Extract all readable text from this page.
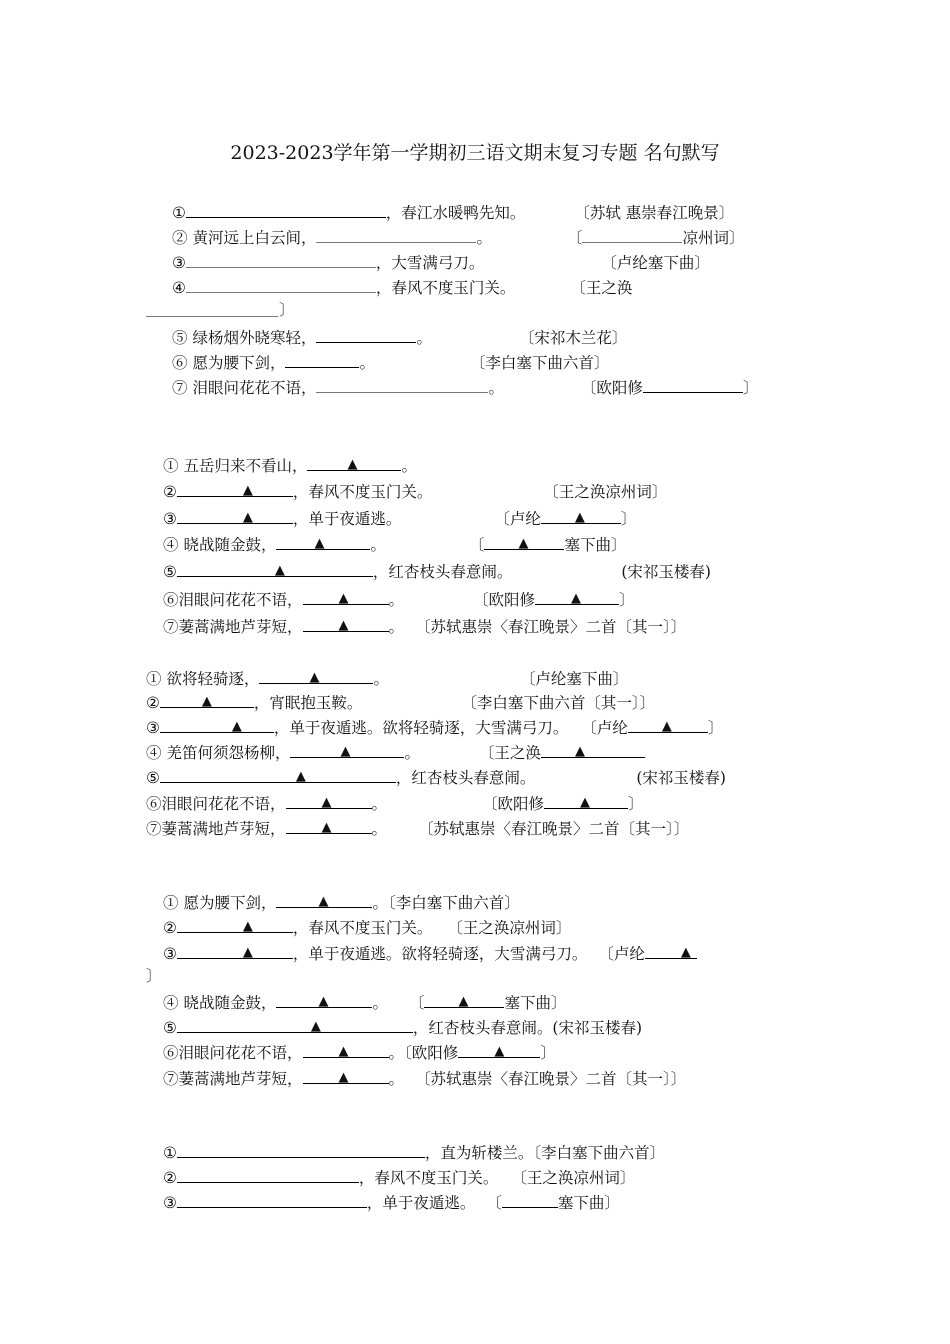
2023-2023学年第一学期初三语文期末复习专题 名句默写
①	，春江水暖鸭先知。	〔苏轼 惠崇春江晚景〕
② 黄河远上白云间，	。	〔	凉州词〕
③	，大雪满弓刀。	〔卢纶塞下曲〕
④	，春风不度玉门关。	〔王之涣
〕
⑤ 绿杨烟外晓寒轻，	。	〔宋祁木兰花〕
⑥ 愿为腰下剑，	。	〔李白塞下曲六首〕
⑦ 泪眼问花花不语，	。	〔欧阳修	〕
① 五岳归来不看山，	▲	。
②	▲	，春风不度玉门关。	〔王之涣凉州词〕
③	▲	，单于夜遁逃。	〔卢纶	▲ 〕
④ 晓战随金鼓，	▲	。	〔	▲ 塞下曲〕
⑤	▲	，红杏枝头春意闹。	(宋祁玉楼春)
⑥泪眼问花花不语，	▲	。	〔欧阳修	▲ 〕
⑦萋蒿满地芦芽短，	▲	。 〔苏轼惠崇〈春江晚景〉二首〔其一〕〕
① 欲将轻骑逐，	▲	。	〔卢纶塞下曲〕
②	▲	，宵眠抱玉鞍。	〔李白塞下曲六首〔其一〕〕
③	▲ ，单于夜遁逃。欲将轻骑逐，大雪满弓刀。 〔卢纶	▲ 〕
④ 羌笛何须怨杨柳，	▲	。	〔王之涣	▲
⑤	▲	，红杏枝头春意闹。	(宋祁玉楼春)
⑥泪眼问花花不语，	▲	。	〔欧阳修	▲ 〕
⑦萋蒿满地芦芽短，	▲	。 〔苏轼惠崇〈春江晚景〉二首〔其一〕〕
① 愿为腰下剑，	▲	。〔李白塞下曲六首〕
②	▲	，春风不度玉门关。 〔王之涣凉州词〕
③	▲	，单于夜遁逃。欲将轻骑逐，大雪满弓刀。 〔卢纶	▲
〕
④ 晓战随金鼓，	▲	。 〔	▲ 塞下曲〕
⑤	▲	，红杏枝头春意闹。(宋祁玉楼春)
⑥泪眼问花花不语，	▲	。〔欧阳修	▲ 〕
⑦萋蒿满地芦芽短，	▲	。 〔苏轼惠崇〈春江晚景〉二首〔其一〕〕
①	，直为斩楼兰。〔李白塞下曲六首〕
②	，春风不度玉门关。 〔王之涣凉州词〕
③	，单于夜遁逃。 〔	塞下曲〕
